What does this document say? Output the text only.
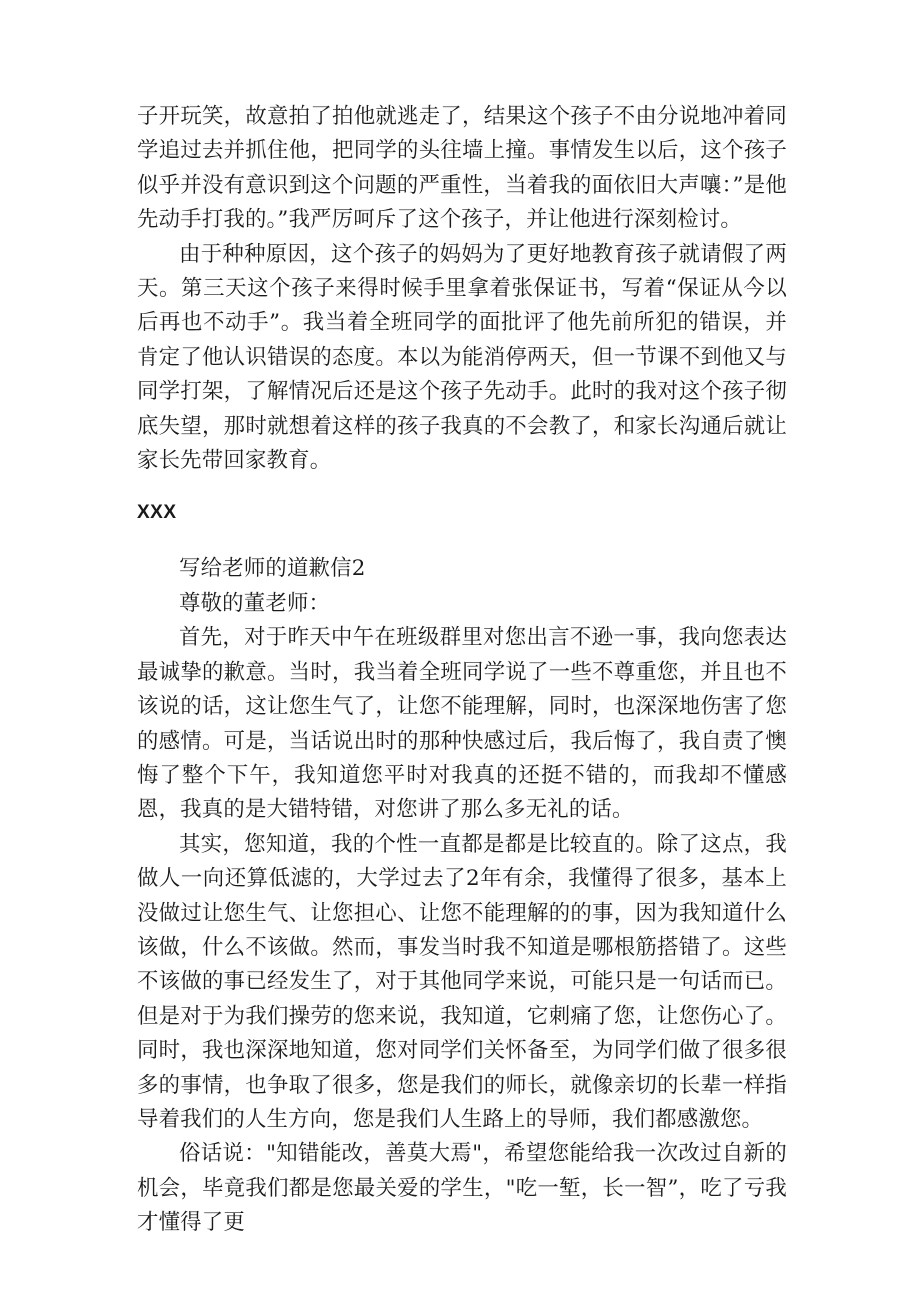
子开玩笑，故意拍了拍他就逃走了，结果这个孩子不由分说地冲着同学追过去并抓住他，把同学的头往墙上撞。事情发生以后，这个孩子似乎并没有意识到这个问题的严重性，当着我的面依旧大声嚷：”是他先动手打我的。”我严厉呵斥了这个孩子，并让他进行深刻检讨。

由于种种原因，这个孩子的妈妈为了更好地教育孩子就请假了两天。第三天这个孩子来得时候手里拿着张保证书，写着“保证从今以后再也不动手”。我当着全班同学的面批评了他先前所犯的错误，并肯定了他认识错误的态度。本以为能消停两天，但一节课不到他又与同学打架，了解情况后还是这个孩子先动手。此时的我对这个孩子彻底失望，那时就想着这样的孩子我真的不会教了，和家长沟通后就让家长先带回家教育。

XXX

写给老师的道歉信2

尊敬的董老师：

首先，对于昨天中午在班级群里对您出言不逊一事，我向您表达最诚挚的歉意。当时，我当着全班同学说了一些不尊重您，并且也不该说的话，这让您生气了，让您不能理解，同时，也深深地伤害了您的感情。可是，当话说出时的那种快感过后，我后悔了，我自责了懊悔了整个下午，我知道您平时对我真的还挺不错的，而我却不懂感恩，我真的是大错特错，对您讲了那么多无礼的话。

其实，您知道，我的个性一直都是都是比较直的。除了这点，我做人一向还算低滤的，大学过去了2年有余，我懂得了很多，基本上没做过让您生气、让您担心、让您不能理解的的事，因为我知道什么该做，什么不该做。然而，事发当时我不知道是哪根筋搭错了。这些不该做的事已经发生了，对于其他同学来说，可能只是一句话而已。但是对于为我们操劳的您来说，我知道，它刺痛了您，让您伤心了。同时，我也深深地知道，您对同学们关怀备至，为同学们做了很多很多的事情，也争取了很多，您是我们的师长，就像亲切的长辈一样指导着我们的人生方向，您是我们人生路上的导师，我们都感激您。

俗话说："知错能改，善莫大焉"，希望您能给我一次改过自新的机会，毕竟我们都是您最关爱的学生，"吃一堑，长一智”，吃了亏我才懂得了更
